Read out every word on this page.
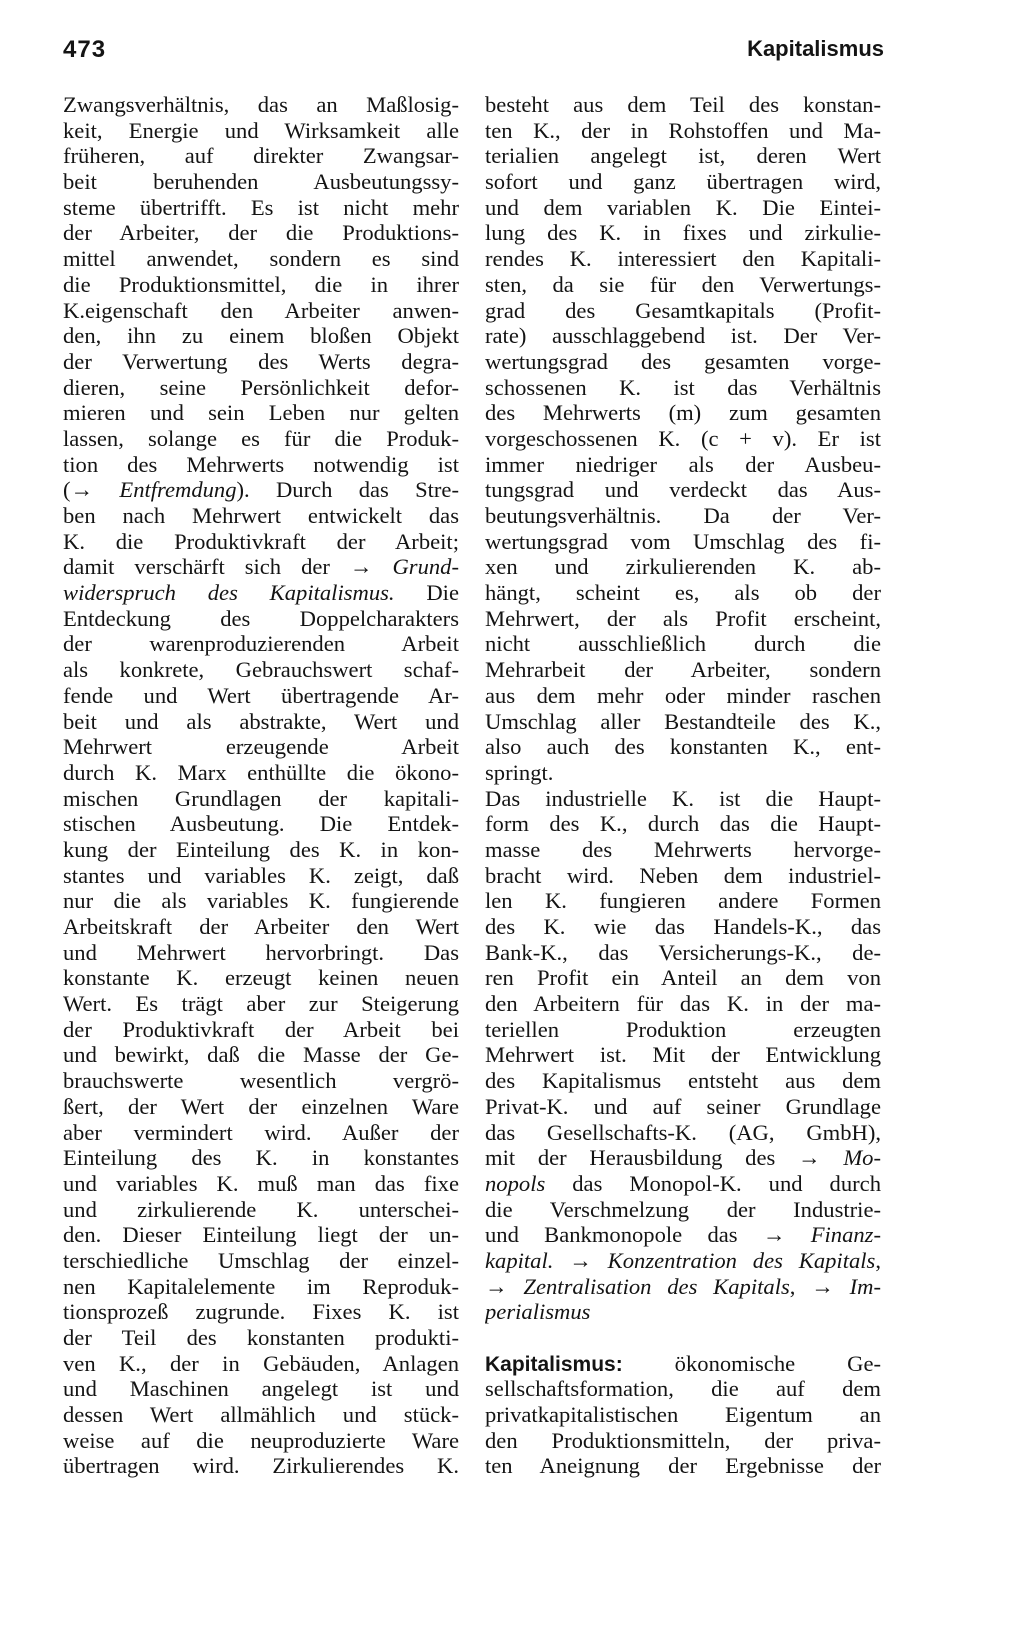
473	Kapitalismus
Zwangsverhältnis, das an Maßlosig-
keit, Energie und Wirksamkeit alle
früheren, auf direkter Zwangsar-
beit beruhenden Ausbeutungssy-
steme übertrifft. Es ist nicht mehr
der Arbeiter, der die Produktions-
mittel anwendet, sondern es sind
die Produktionsmittel, die in ihrer
K.eigenschaft den Arbeiter anwen-
den, ihn zu einem bloßen Objekt
der Verwertung des Werts degra-
dieren, seine Persönlichkeit defor-
mieren und sein Leben nur gelten
lassen, solange es für die Produk-
tion des Mehrwerts notwendig ist
(→ Entfremdung). Durch das Stre-
ben nach Mehrwert entwickelt das
K. die Produktivkraft der Arbeit;
damit verschärft sich der → Grund-
widerspruch des Kapitalismus. Die
Entdeckung des Doppelcharakters
der warenproduzierenden Arbeit
als konkrete, Gebrauchswert schaf-
fende und Wert übertragende Ar-
beit und als abstrakte, Wert und
Mehrwert erzeugende Arbeit
durch K. Marx enthüllte die ökono-
mischen Grundlagen der kapitali-
stischen Ausbeutung. Die Entdek-
kung der Einteilung des K. in kon-
stantes und variables K. zeigt, daß
nur die als variables K. fungierende
Arbeitskraft der Arbeiter den Wert
und Mehrwert hervorbringt. Das
konstante K. erzeugt keinen neuen
Wert. Es trägt aber zur Steigerung
der Produktivkraft der Arbeit bei
und bewirkt, daß die Masse der Ge-
brauchswerte wesentlich vergrö-
ßert, der Wert der einzelnen Ware
aber vermindert wird. Außer der
Einteilung des K. in konstantes
und variables K. muß man das fixe
und zirkulierende K. unterschei-
den. Dieser Einteilung liegt der un-
terschiedliche Umschlag der einzel-
nen Kapitalelemente im Reproduk-
tionsprozeß zugrunde. Fixes K. ist
der Teil des konstanten produkti-
ven K., der in Gebäuden, Anlagen
und Maschinen angelegt ist und
dessen Wert allmählich und stück-
weise auf die neuproduzierte Ware
übertragen wird. Zirkulierendes K.
besteht aus dem Teil des konstan-
ten K., der in Rohstoffen und Ma-
terialien angelegt ist, deren Wert
sofort und ganz übertragen wird,
und dem variablen K. Die Eintei-
lung des K. in fixes und zirkulie-
rendes K. interessiert den Kapitali-
sten, da sie für den Verwertungs-
grad des Gesamtkapitals (Profit-
rate) ausschlaggebend ist. Der Ver-
wertungsgrad des gesamten vorge-
schossenen K. ist das Verhältnis
des Mehrwerts (m) zum gesamten
vorgeschossenen K. (c + v). Er ist
immer niedriger als der Ausbeu-
tungsgrad und verdeckt das Aus-
beutungsverhältnis. Da der Ver-
wertungsgrad vom Umschlag des fi-
xen und zirkulierenden K. ab-
hängt, scheint es, als ob der
Mehrwert, der als Profit erscheint,
nicht ausschließlich durch die
Mehrarbeit der Arbeiter, sondern
aus dem mehr oder minder raschen
Umschlag aller Bestandteile des K.,
also auch des konstanten K., ent-
springt.
Das industrielle K. ist die Haupt-
form des K., durch das die Haupt-
masse des Mehrwerts hervorge-
bracht wird. Neben dem industriel-
len K. fungieren andere Formen
des K. wie das Handels-K., das
Bank-K., das Versicherungs-K., de-
ren Profit ein Anteil an dem von
den Arbeitern für das K. in der ma-
teriellen Produktion erzeugten
Mehrwert ist. Mit der Entwicklung
des Kapitalismus entsteht aus dem
Privat-K. und auf seiner Grundlage
das Gesellschafts-K. (AG, GmbH),
mit der Herausbildung des → Mo-
nopols das Monopol-K. und durch
die Verschmelzung der Industrie-
und Bankmonopole das → Finanz-
kapital. → Konzentration des Kapitals,
→ Zentralisation des Kapitals, → Im-
perialismus
Kapitalismus: ökonomische Ge-
sellschaftsformation, die auf dem
privatkapitalistischen Eigentum an
den Produktionsmitteln, der priva-
ten Aneignung der Ergebnisse der
